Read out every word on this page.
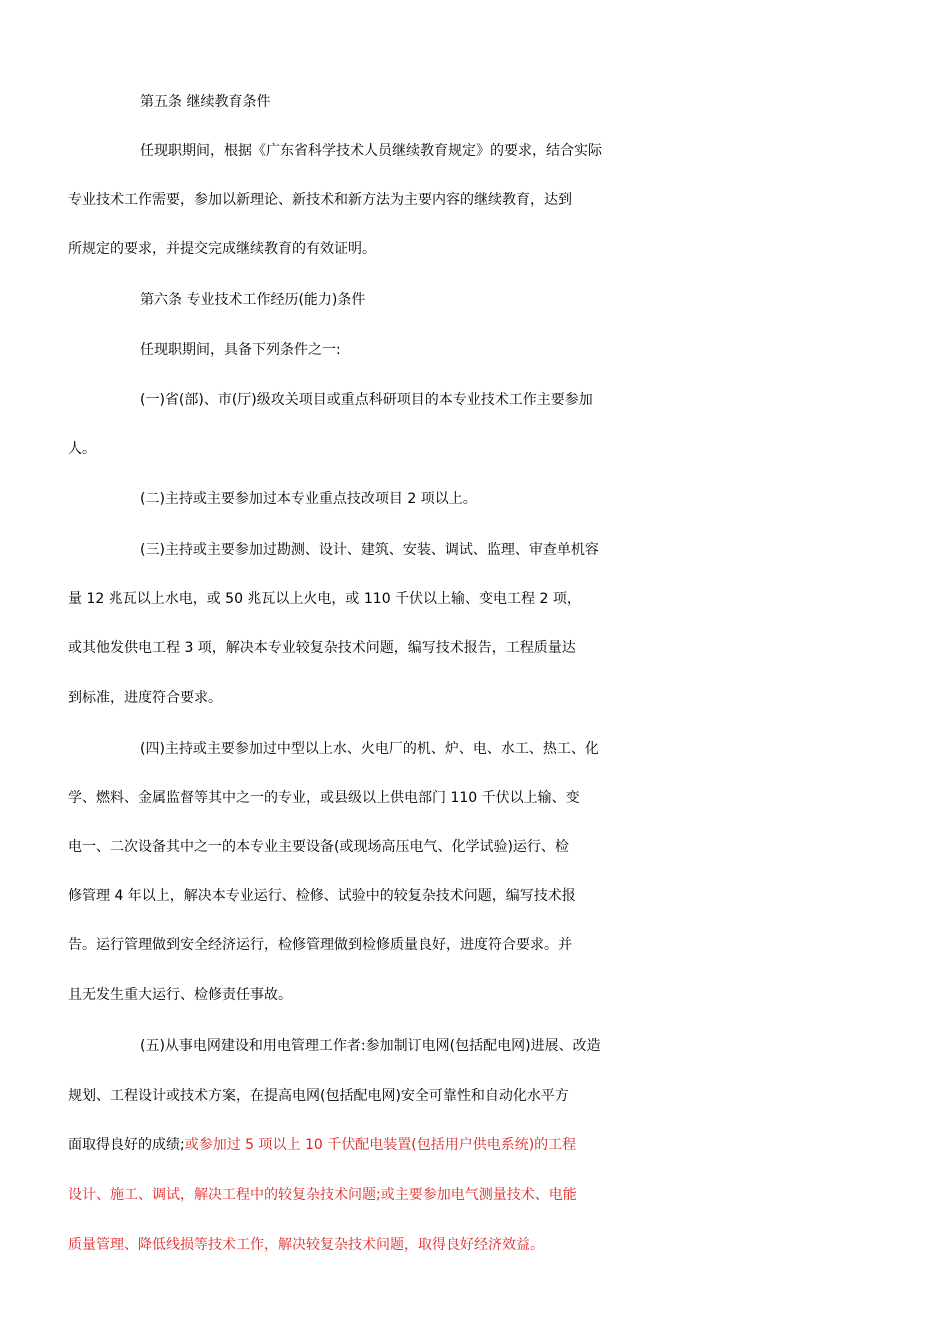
第五条 继续教育条件
任现职期间，根据《广东省科学技术人员继续教育规定》的要求，结合实际
专业技术工作需要，参加以新理论、新技术和新方法为主要内容的继续教育，达到
所规定的要求，并提交完成继续教育的有效证明。
第六条 专业技术工作经历(能力)条件
任现职期间，具备下列条件之一:
(一)省(部)、市(厅)级攻关项目或重点科研项目的本专业技术工作主要参加
人。
(二)主持或主要参加过本专业重点技改项目 2 项以上。
(三)主持或主要参加过勘测、设计、建筑、安装、调试、监理、审查单机容
量 12 兆瓦以上水电，或 50 兆瓦以上火电，或 110 千伏以上输、变电工程 2 项，
或其他发供电工程 3 项，解决本专业较复杂技术问题，编写技术报告，工程质量达
到标准，进度符合要求。
(四)主持或主要参加过中型以上水、火电厂的机、炉、电、水工、热工、化
学、燃料、金属监督等其中之一的专业，或县级以上供电部门 110 千伏以上输、变
电一、二次设备其中之一的本专业主要设备(或现场高压电气、化学试验)运行、检
修管理 4 年以上，解决本专业运行、检修、试验中的较复杂技术问题，编写技术报
告。运行管理做到安全经济运行，检修管理做到检修质量良好，进度符合要求。并
且无发生重大运行、检修责任事故。
(五)从事电网建设和用电管理工作者:参加制订电网(包括配电网)进展、改造
规划、工程设计或技术方案，在提高电网(包括配电网)安全可靠性和自动化水平方
面取得良好的成绩;或参加过 5 项以上 10 千伏配电装置(包括用户供电系统)的工程
设计、施工、调试，解决工程中的较复杂技术问题;或主要参加电气测量技术、电能
质量管理、降低线损等技术工作，解决较复杂技术问题，取得良好经济效益。
